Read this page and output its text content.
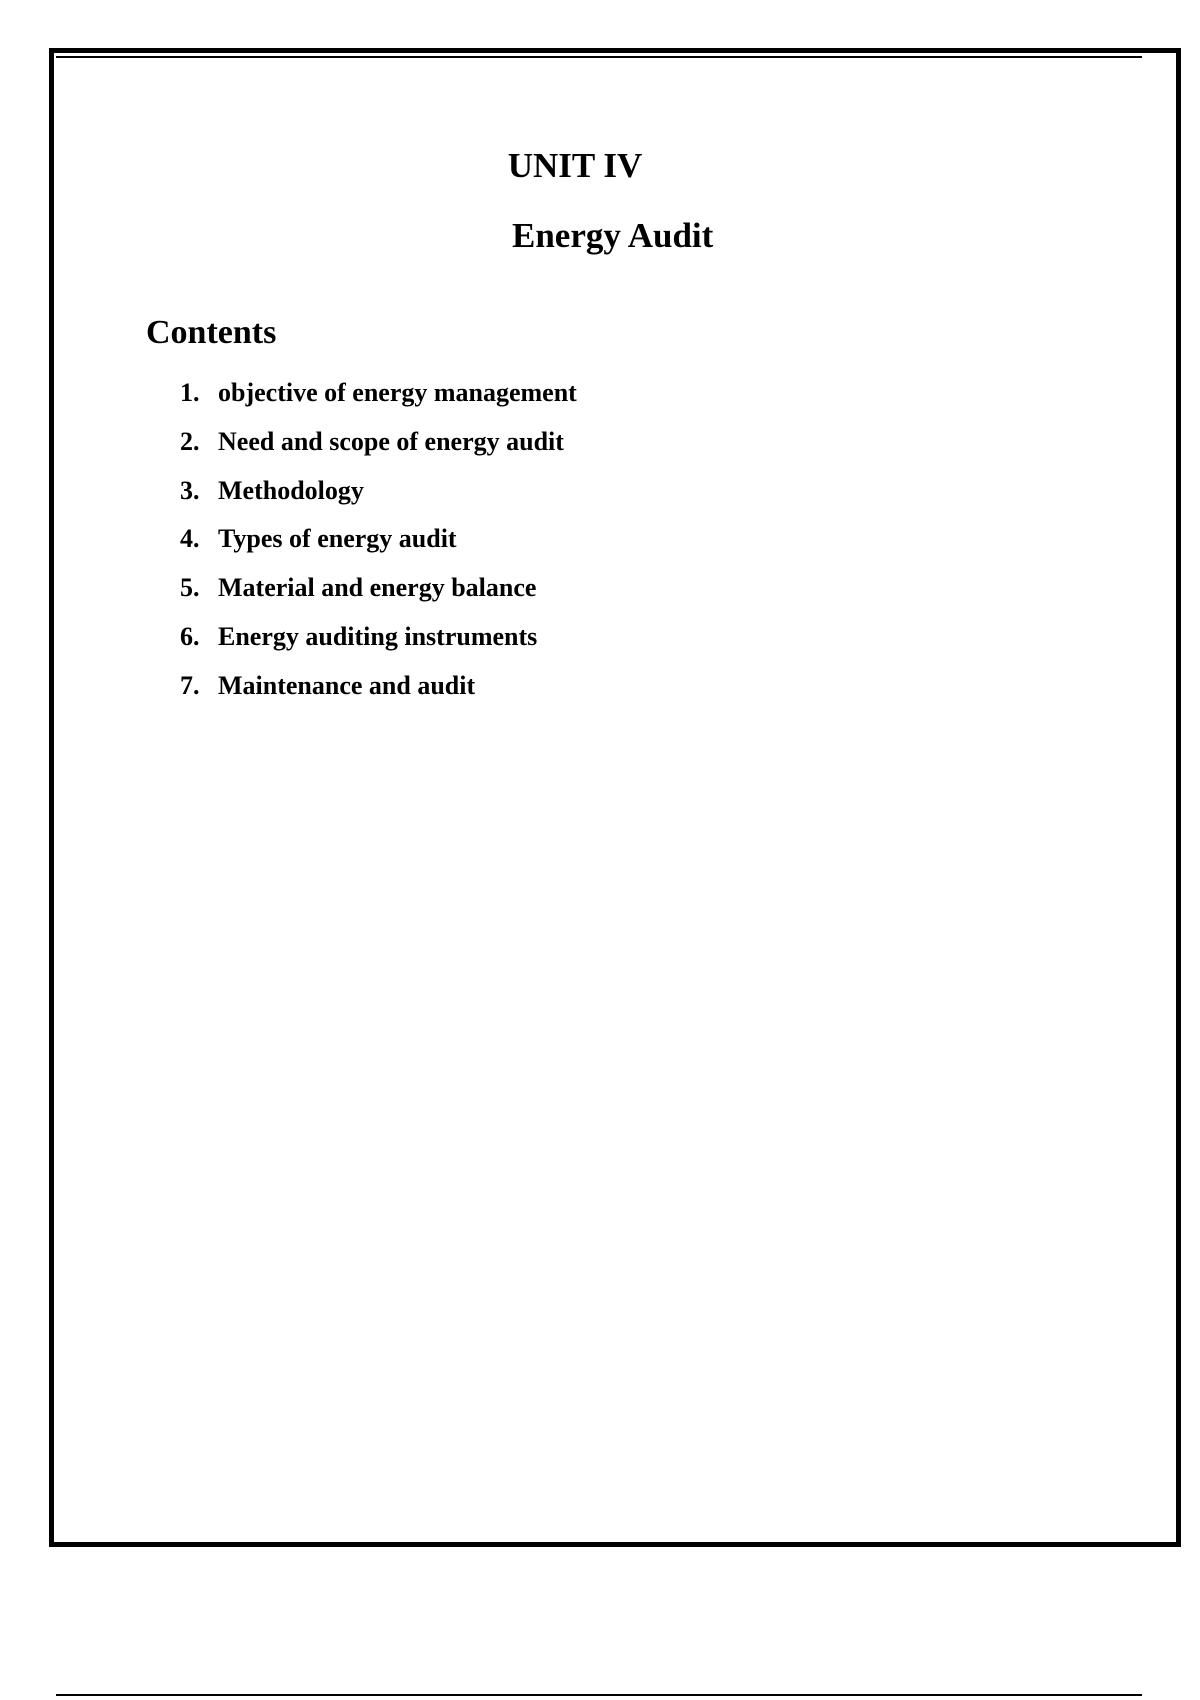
UNIT IV
Energy Audit
Contents
1. objective of energy management
2. Need and scope of energy audit
3. Methodology
4. Types of energy audit
5. Material and energy balance
6. Energy auditing instruments
7. Maintenance and audit
